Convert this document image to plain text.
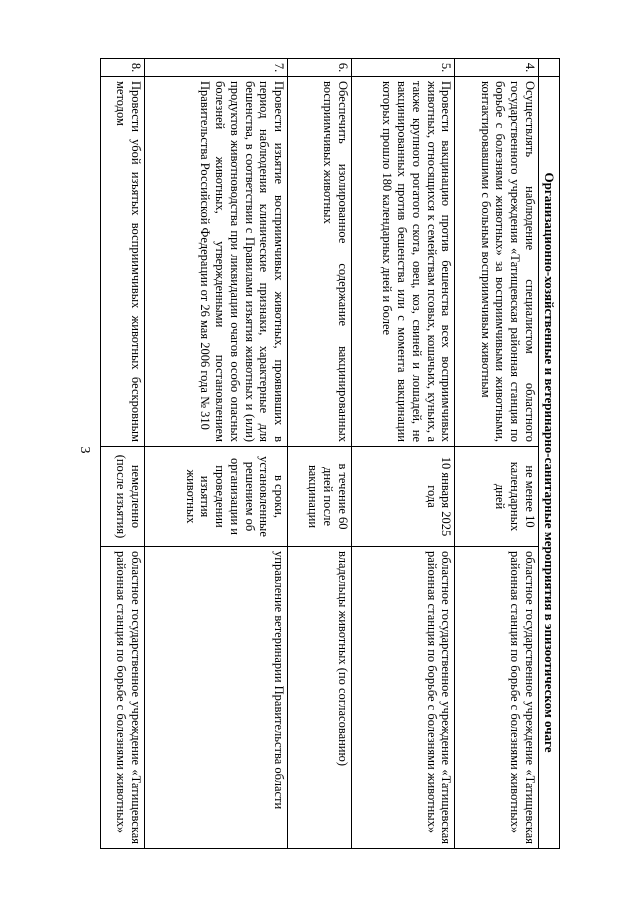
3
		Организационно-хозяйственные и ветеринарно-санитарные мероприятия в эпизоотическом очаге		
4.	Осуществлять наблюдение специалистом областного государственного учреждения «Татищевская районная станция по борьбе с болезнями животных» за восприимчивыми животными, контактировавшими с больным восприимчивым животным	не менее 10 календарных дней	областное государственное учреждение «Татищевская районная станция по борьбе с болезнями животных»
5.	Провести вакцинацию против бешенства всех восприимчивых животных, относящихся к семействам псовых, кошачьих, куньих, а также крупного рогатого скота, овец, коз, свиней и лошадей, не вакцинированных против бешенства или с момента вакцинации которых прошло 180 календарных дней и более	10 января 2025 года	областное государственное учреждение «Татищевская районная станция по борьбе с болезнями животных»
6.	Обеспечить изолированное содержание вакцинированных восприимчивых животных	в течение 60 дней после вакцинации	владельцы животных (по согласованию)
7.	Провести изъятие восприимчивых животных, проявивших в период наблюдения клинические признаки, характерные для бешенства, в соответствии с Правилами изъятия животных и (или) продуктов животноводства при ликвидации очагов особо опасных болезней животных, утвержденными постановлением Правительства Российской Федерации от 26 мая 2006 года № 310	в сроки, установленные решением об организации и проведении изъятия животных	управление ветеринарии Правительства области
8.	Провести убой изъятых восприимчивых животных бескровным методом	немедленно (после изъятия)	областное государственное учреждение «Татищевская районная станция по борьбе с болезнями животных»
